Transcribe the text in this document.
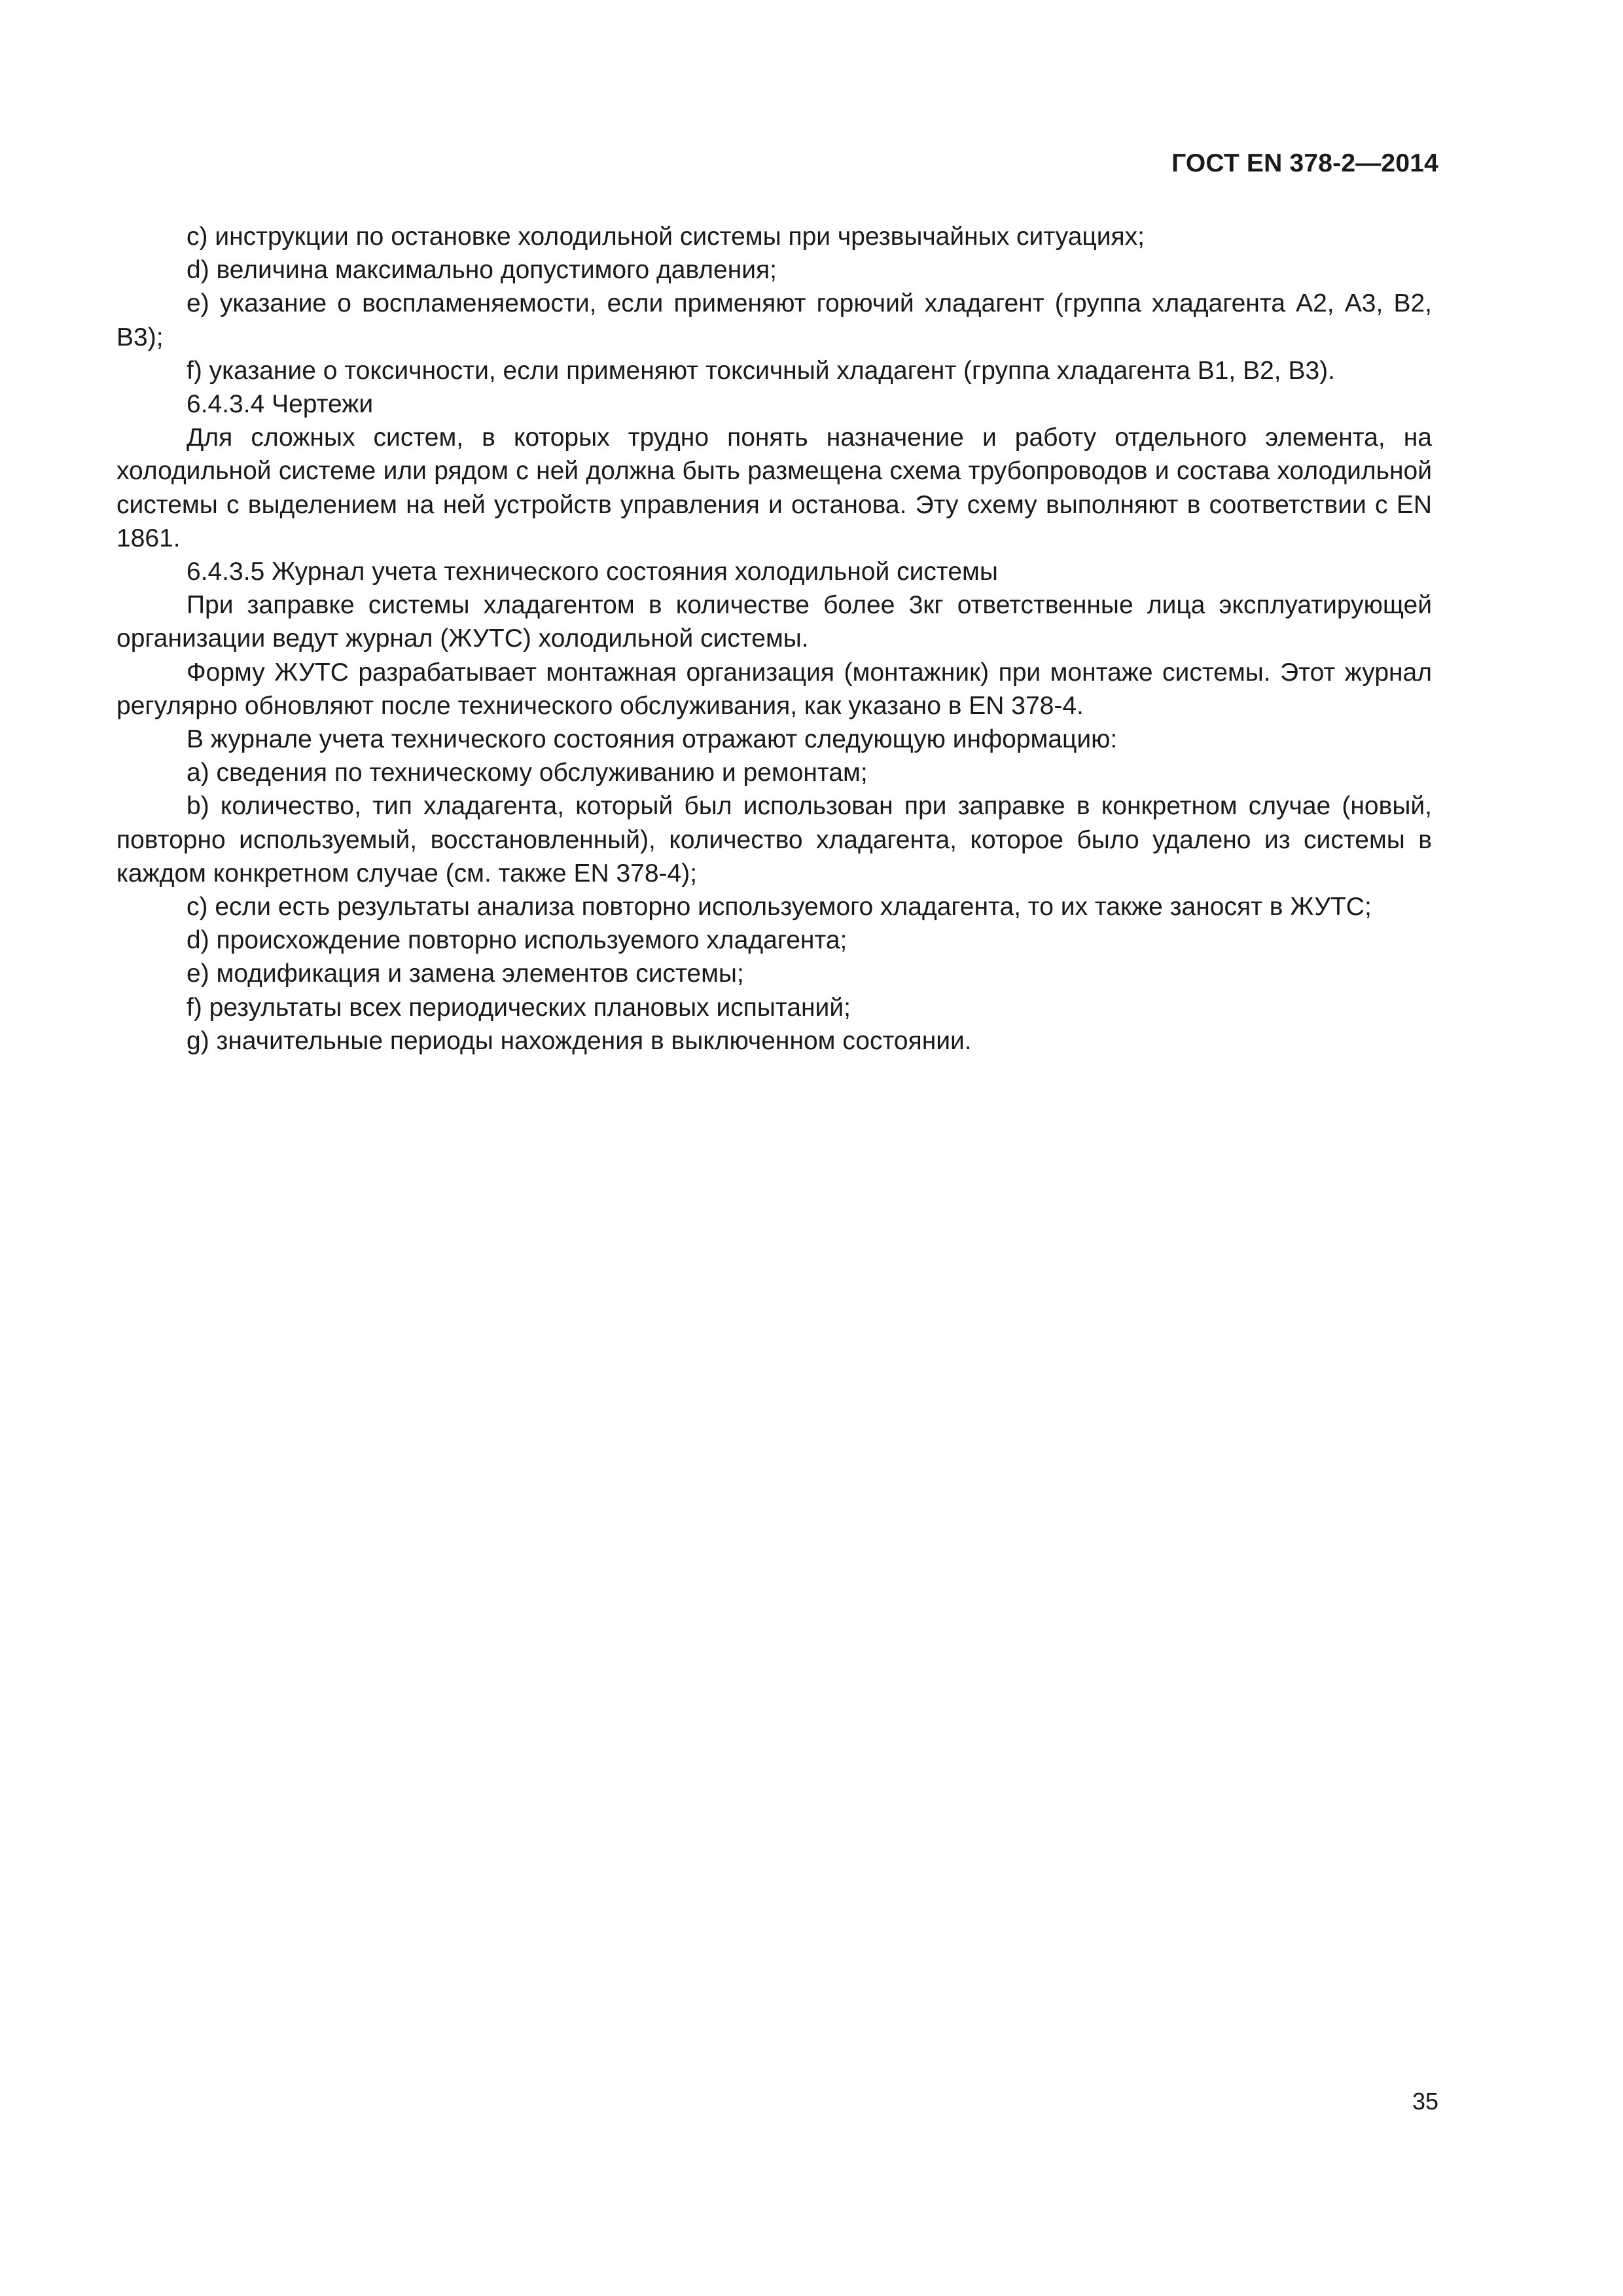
ГОСТ EN 378-2—2014

c) инструкции по остановке холодильной системы при чрезвычайных ситуациях;

d) величина максимально допустимого давления;

e) указание о воспламеняемости, если применяют горючий хладагент (группа хладагента А2, А3, В2, В3);

f) указание о токсичности, если применяют токсичный хладагент (группа хладагента В1, В2, В3).

6.4.3.4 Чертежи

Для сложных систем, в которых трудно понять назначение и работу отдельного элемента, на холодильной системе или рядом с ней должна быть размещена схема трубопроводов и состава холодильной системы с выделением на ней устройств управления и останова. Эту схему выполняют в соответствии с EN 1861.

6.4.3.5 Журнал учета технического состояния холодильной системы

При заправке системы хладагентом в количестве более 3кг ответственные лица эксплуатирующей организации ведут журнал (ЖУТС) холодильной системы.

Форму ЖУТС разрабатывает монтажная организация (монтажник) при монтаже системы. Этот журнал регулярно обновляют после технического обслуживания, как указано в EN 378-4.

В журнале учета технического состояния отражают следующую информацию:

a) сведения по техническому обслуживанию и ремонтам;

b) количество, тип хладагента, который был использован при заправке в конкретном случае (новый, повторно используемый, восстановленный), количество хладагента, которое было удалено из системы в каждом конкретном случае (см. также EN 378-4);

c) если есть результаты анализа повторно используемого хладагента, то их также заносят в ЖУТС;

d) происхождение повторно используемого хладагента;

e) модификация и замена элементов системы;

f) результаты всех периодических плановых испытаний;

g) значительные периоды нахождения в выключенном состоянии.

35
